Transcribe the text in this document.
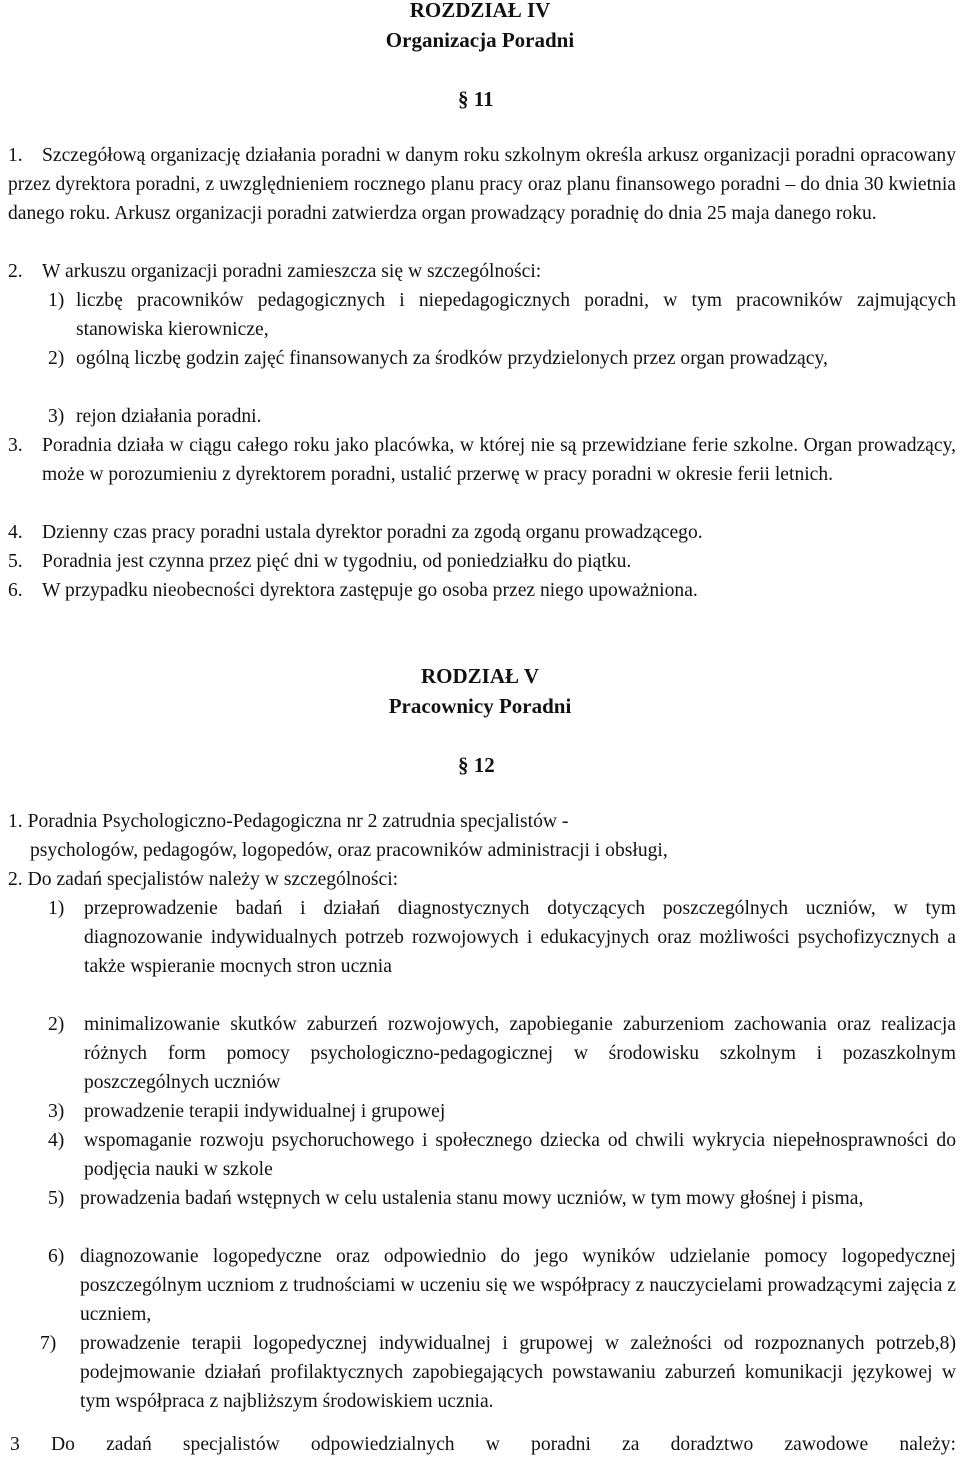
ROZDZIAŁ IV
Organizacja Poradni
§ 11
1. Szczegółową organizację działania poradni w danym roku szkolnym określa arkusz organizacji poradni opracowany przez dyrektora poradni, z uwzględnieniem rocznego planu pracy oraz planu finansowego poradni – do dnia 30 kwietnia danego roku. Arkusz organizacji poradni zatwierdza organ prowadzący poradnię do dnia 25 maja danego roku.
2. W arkuszu organizacji poradni zamieszcza się w szczególności:
1) liczbę pracowników pedagogicznych i niepedagogicznych poradni, w tym pracowników zajmujących stanowiska kierownicze,
2) ogólną liczbę godzin zajęć finansowanych za środków przydzielonych przez organ prowadzący,
3) rejon działania poradni.
3. Poradnia działa w ciągu całego roku jako placówka, w której nie są przewidziane ferie szkolne. Organ prowadzący, może w porozumieniu z dyrektorem poradni, ustalić przerwę w pracy poradni w okresie ferii letnich.
4. Dzienny czas pracy poradni ustala dyrektor poradni za zgodą organu prowadzącego.
5. Poradnia jest czynna przez pięć dni w tygodniu, od poniedziałku do piątku.
6. W przypadku nieobecności dyrektora zastępuje go osoba przez niego upoważniona.
RODZIAŁ V
Pracownicy Poradni
§ 12
1. Poradnia Psychologiczno-Pedagogiczna nr 2 zatrudnia specjalistów -
psychologów, pedagogów, logopedów, oraz pracowników administracji i obsługi,
2. Do zadań specjalistów należy w szczególności:
1) przeprowadzenie badań i działań diagnostycznych dotyczących poszczególnych uczniów, w tym diagnozowanie indywidualnych potrzeb rozwojowych i edukacyjnych oraz możliwości psychofizycznych a także wspieranie mocnych stron ucznia
2) minimalizowanie skutków zaburzeń rozwojowych, zapobieganie zaburzeniom zachowania oraz realizacja różnych form pomocy psychologiczno-pedagogicznej w środowisku szkolnym i pozaszkolnym poszczególnych uczniów
3) prowadzenie terapii indywidualnej i grupowej
4) wspomaganie rozwoju psychoruchowego i społecznego dziecka od chwili wykrycia niepełnosprawności do podjęcia nauki w szkole
5) prowadzenia badań wstępnych w celu ustalenia stanu mowy uczniów, w tym mowy głośnej i pisma,
6) diagnozowanie logopedyczne oraz odpowiednio do jego wyników udzielanie pomocy logopedycznej poszczególnym uczniom z trudnościami w uczeniu się we współpracy z nauczycielami prowadzącymi zajęcia z uczniem,
7) prowadzenie terapii logopedycznej indywidualnej i grupowej w zależności od rozpoznanych potrzeb,8) podejmowanie działań profilaktycznych zapobiegających powstawaniu zaburzeń komunikacji językowej w tym współpraca z najbliższym środowiskiem ucznia.
3 Do zadań specjalistów odpowiedzialnych w poradni za doradztwo zawodowe należy:
